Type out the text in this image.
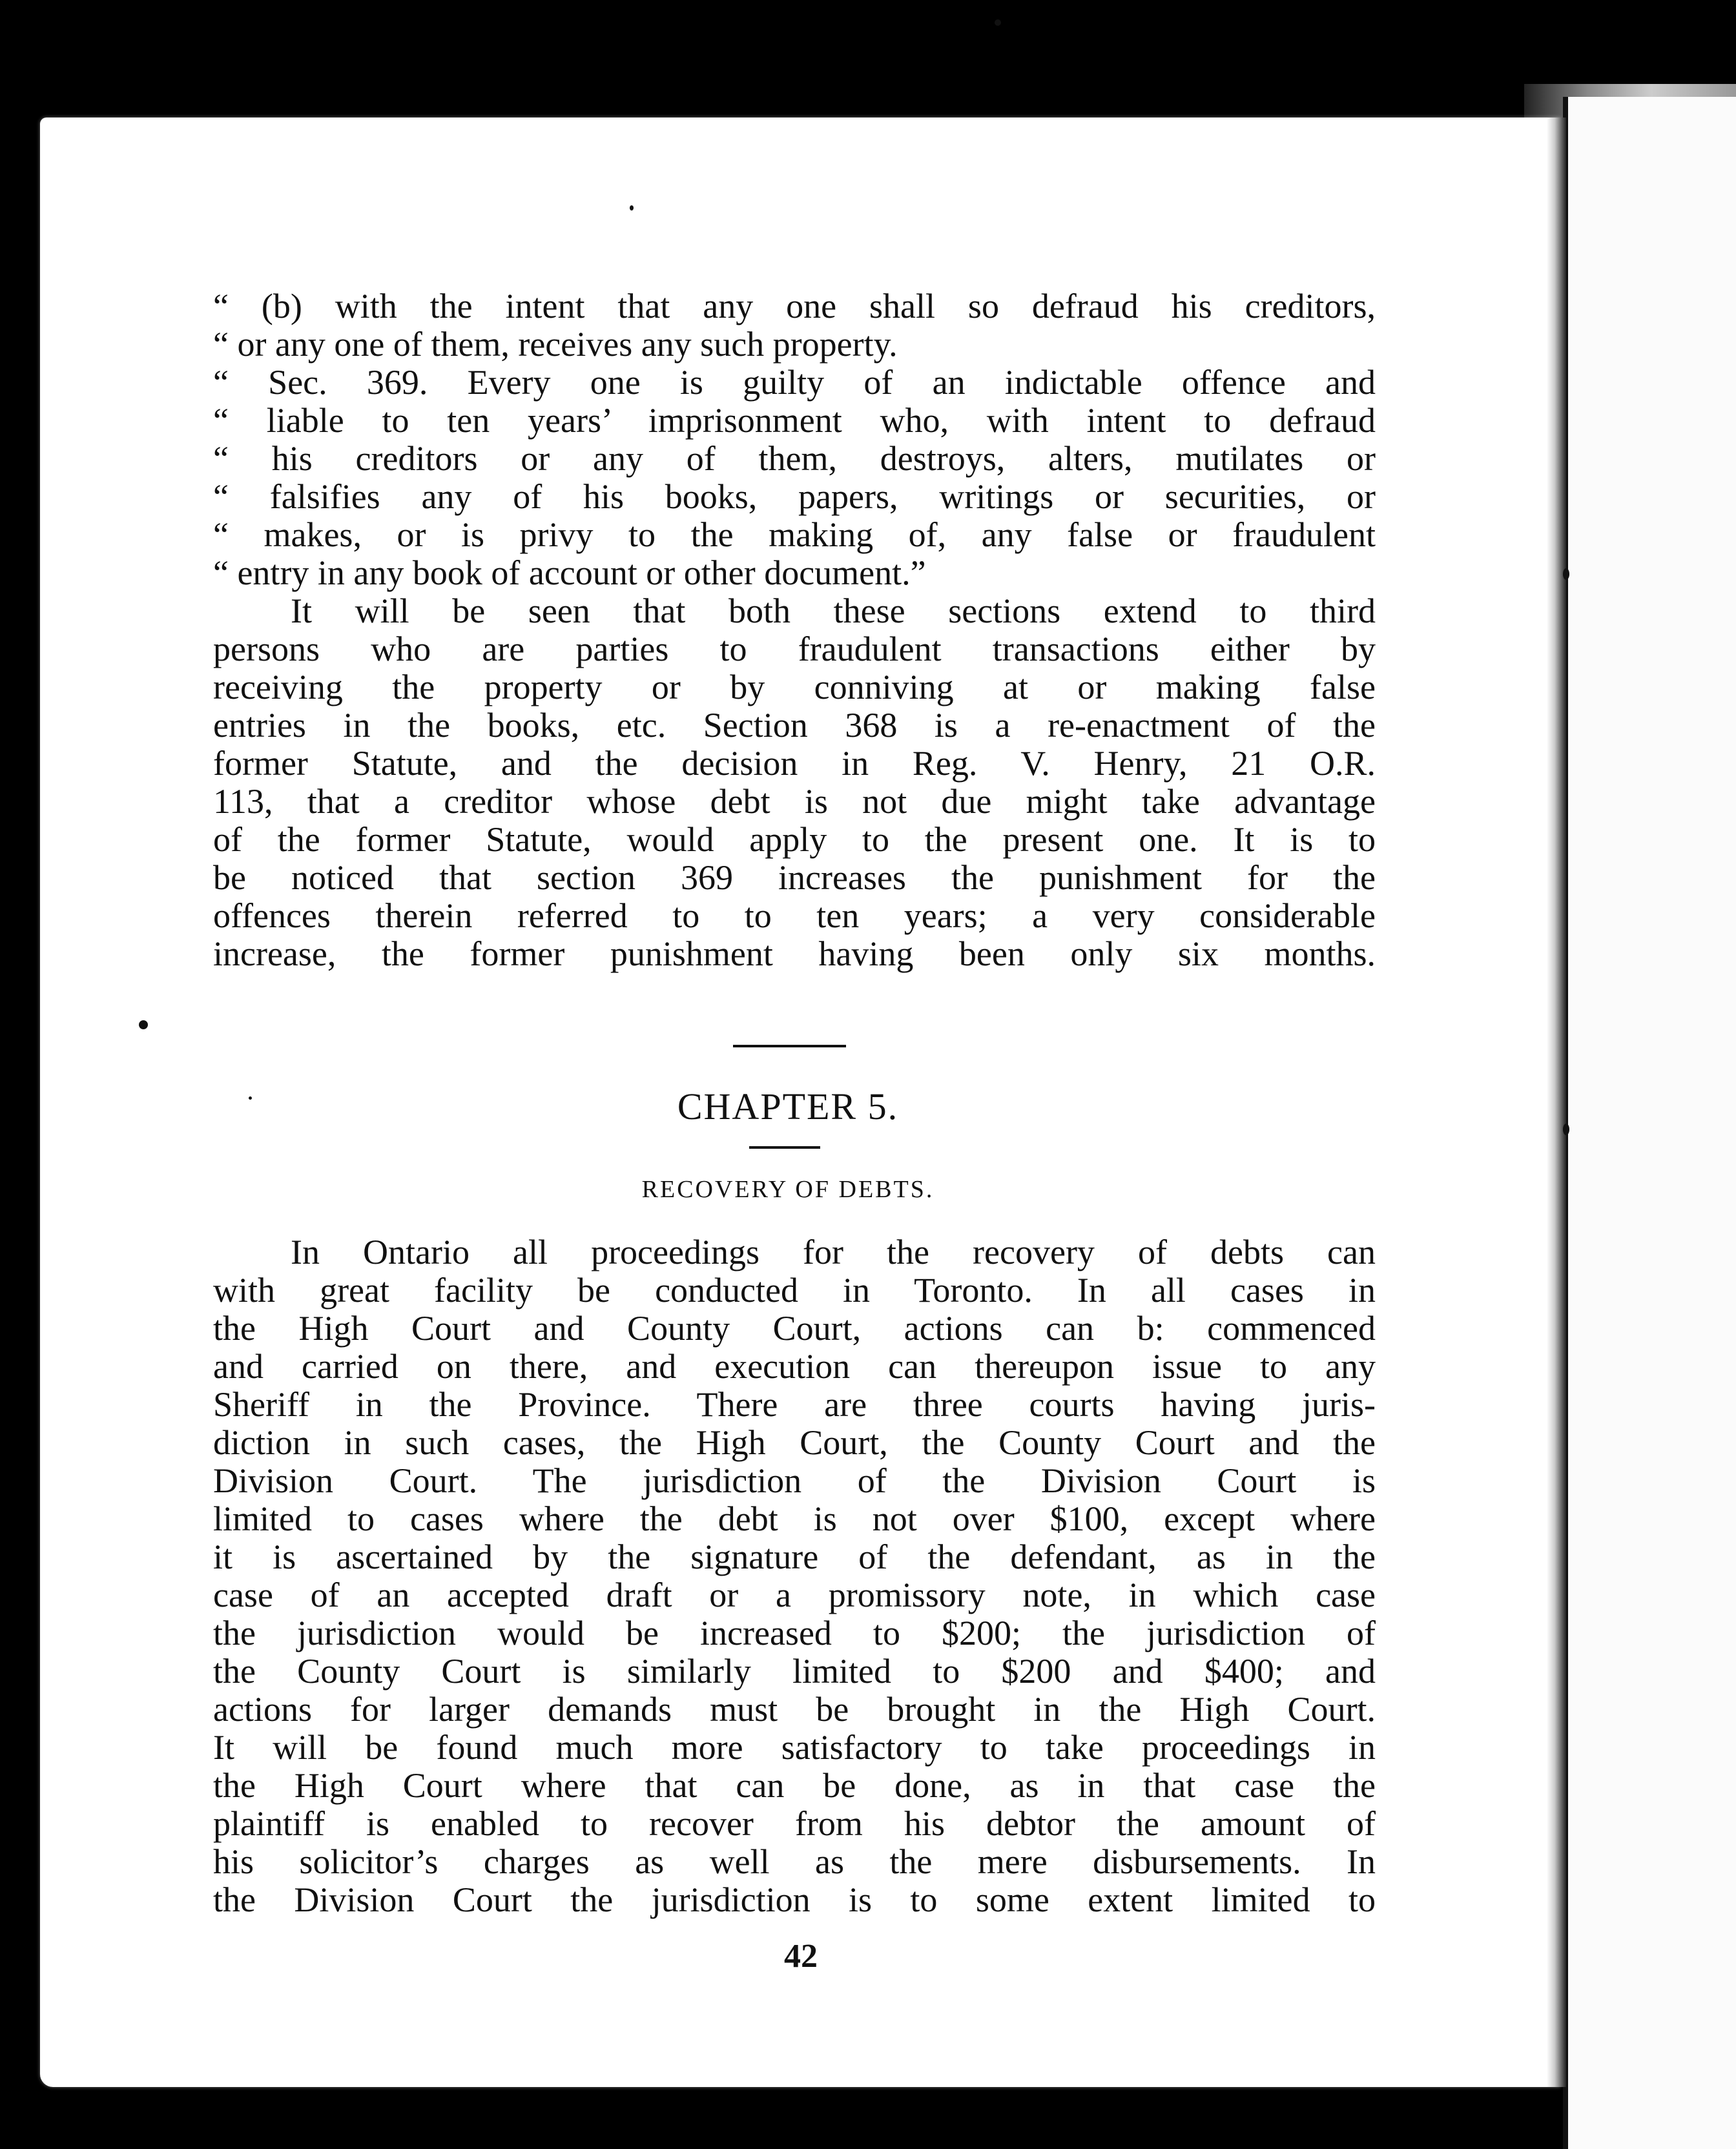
“ (b) with the intent that any one shall so defraud his creditors,
“ or any one of them, receives any such property.
“ Sec. 369. Every one is guilty of an indictable offence and
“ liable to ten years’ imprisonment who, with intent to defraud
“ his creditors or any of them, destroys, alters, mutilates or
“ falsifies any of his books, papers, writings or securities, or
“ makes, or is privy to the making of, any false or fraudulent
“ entry in any book of account or other document.”
It will be seen that both these sections extend to third
persons who are parties to fraudulent transactions either by
receiving the property or by conniving at or making false
entries in the books, etc. Section 368 is a re-enactment of the
former Statute, and the decision in Reg. V. Henry, 21 O.R.
113, that a creditor whose debt is not due might take advantage
of the former Statute, would apply to the present one. It is to
be noticed that section 369 increases the punishment for the
offences therein referred to to ten years; a very considerable
increase, the former punishment having been only six months.
CHAPTER 5.
RECOVERY OF DEBTS.
In Ontario all proceedings for the recovery of debts can
with great facility be conducted in Toronto. In all cases in
the High Court and County Court, actions can b: commenced
and carried on there, and execution can thereupon issue to any
Sheriff in the Province. There are three courts having juris-
diction in such cases, the High Court, the County Court and the
Division Court. The jurisdiction of the Division Court is
limited to cases where the debt is not over $100, except where
it is ascertained by the signature of the defendant, as in the
case of an accepted draft or a promissory note, in which case
the jurisdiction would be increased to $200; the jurisdiction of
the County Court is similarly limited to $200 and $400; and
actions for larger demands must be brought in the High Court.
It will be found much more satisfactory to take proceedings in
the High Court where that can be done, as in that case the
plaintiff is enabled to recover from his debtor the amount of
his solicitor’s charges as well as the mere disbursements. In
the Division Court the jurisdiction is to some extent limited to
42
